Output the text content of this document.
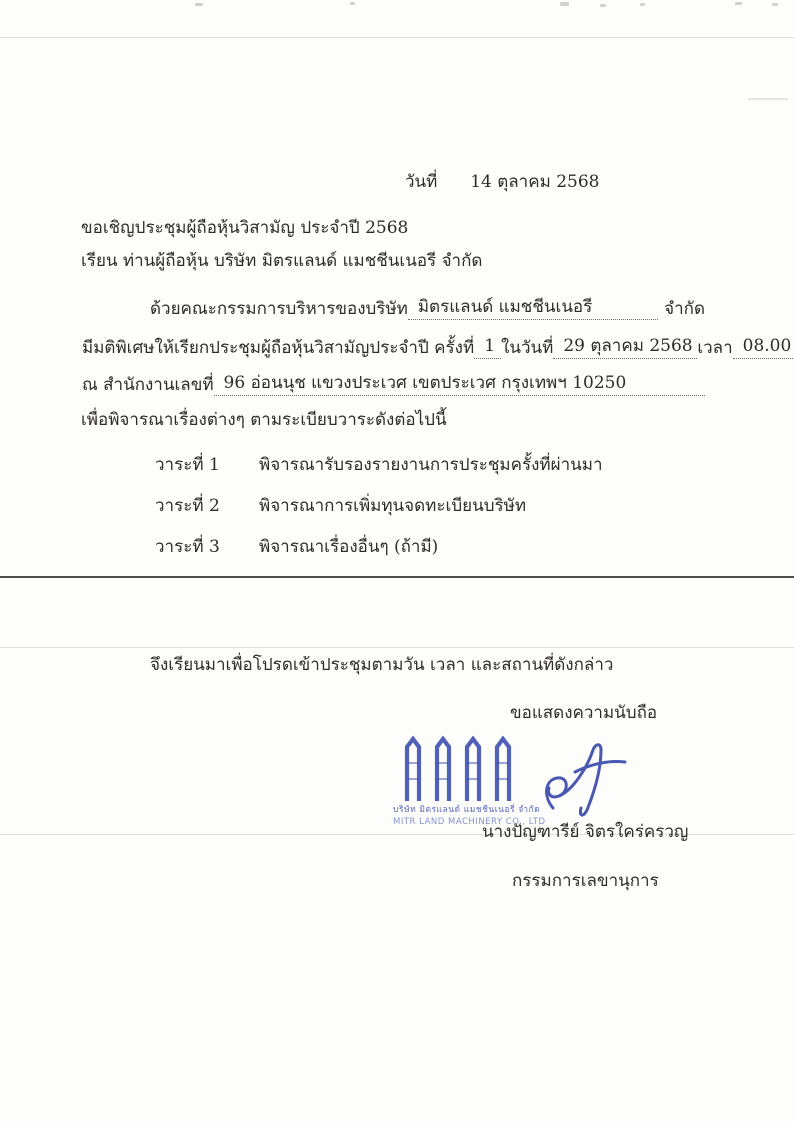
วันที่ 14 ตุลาคม 2568
ขอเชิญประชุมผู้ถือหุ้นวิสามัญ ประจำปี 2568
เรียน ท่านผู้ถือหุ้น บริษัท มิตรแลนด์ แมชชีนเนอรี จำกัด
ด้วยคณะกรรมการบริหารของบริษัท มิตรแลนด์ แมชชีนเนอรี	จำกัด
มีมติพิเศษให้เรียกประชุมผู้ถือหุ้นวิสามัญประจำปี ครั้งที่ 1 ในวันที่ 29 ตุลาคม 2568 เวลา 08.00
ณ สำนักงานเลขที่ 96 อ่อนนุช แขวงประเวศ เขตประเวศ กรุงเทพฯ 10250
เพื่อพิจารณาเรื่องต่างๆ ตามระเบียบวาระดังต่อไปนี้
วาระที่ 1	พิจารณารับรองรายงานการประชุมครั้งที่ผ่านมา
วาระที่ 2	พิจารณาการเพิ่มทุนจดทะเบียนบริษัท
วาระที่ 3	พิจารณาเรื่องอื่นๆ (ถ้ามี)
จึงเรียนมาเพื่อโปรดเข้าประชุมตามวัน เวลา และสถานที่ดังกล่าว
ขอแสดงความนับถือ
บริษัท มิตรแลนด์ แมชชีนเนอรี่ จำกัด
MITR LAND MACHINERY CO., LTD
นางปัญฑารีย์ จิตรใคร่ครวญ
กรรมการเลขานุการ
